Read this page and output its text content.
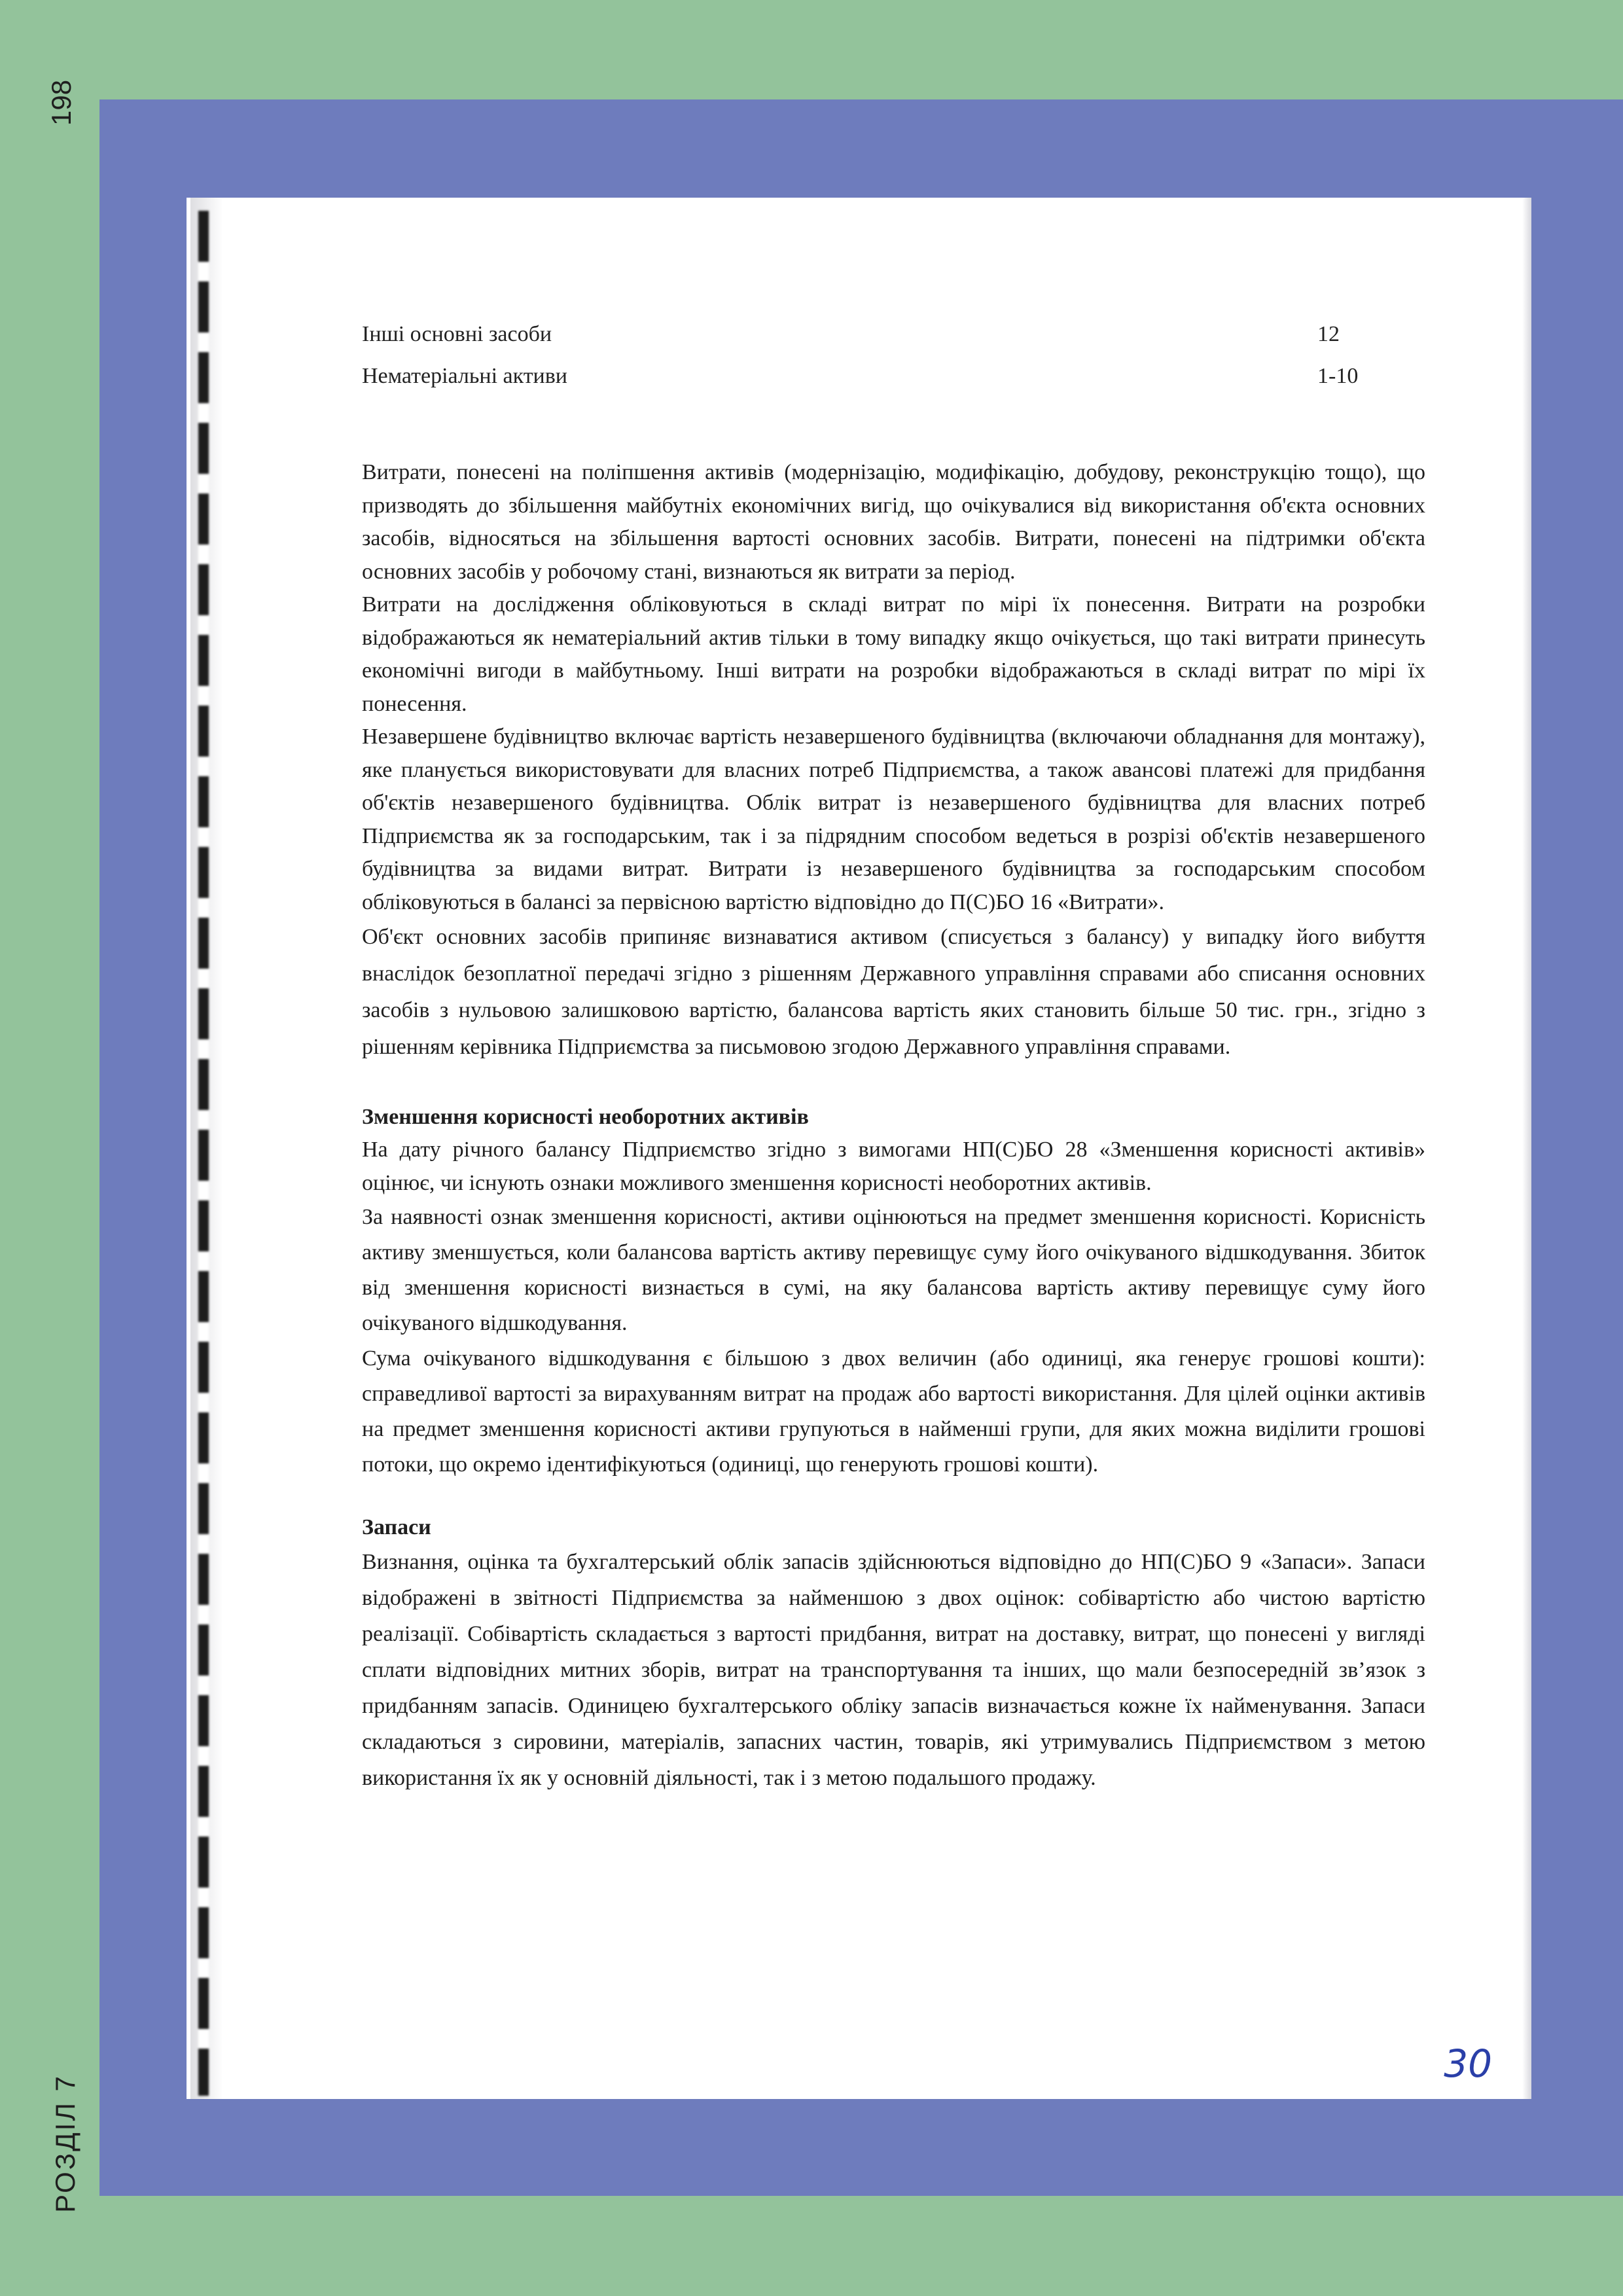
198
РОЗДІЛ 7
Інші основні засоби	12
Нематеріальні активи	1-10

Витрати, понесені на поліпшення активів (модернізацію, модифікацію, добудову, реконструкцію тощо), що призводять до збільшення майбутніх економічних вигід, що очікувалися від використання об'єкта основних засобів, відносяться на збільшення вартості основних засобів. Витрати, понесені на підтримки об'єкта основних засобів у робочому стані, визнаються як витрати за період.

Витрати на дослідження обліковуються в складі витрат по мірі їх понесення. Витрати на розробки відображаються як нематеріальний актив тільки в тому випадку якщо очікується, що такі витрати принесуть економічні вигоди в майбутньому. Інші витрати на розробки відображаються в складі витрат по мірі їх понесення.

Незавершене будівництво включає вартість незавершеного будівництва (включаючи обладнання для монтажу), яке планується використовувати для власних потреб Підприємства, а також авансові платежі для придбання об'єктів незавершеного будівництва. Облік витрат із незавершеного будівництва для власних потреб Підприємства як за господарським, так і за підрядним способом ведеться в розрізі об'єктів незавершеного будівництва за видами витрат. Витрати із незавершеного будівництва за господарським способом обліковуються в балансі за первісною вартістю відповідно до П(С)БО 16 «Витрати».

Об'єкт основних засобів припиняє визнаватися активом (списується з балансу) у випадку його вибуття внаслідок безоплатної передачі згідно з рішенням Державного управління справами або списання основних засобів з нульовою залишковою вартістю, балансова вартість яких становить більше 50 тис. грн., згідно з рішенням керівника Підприємства за письмовою згодою Державного управління справами.

Зменшення корисності необоротних активів

На дату річного балансу Підприємство згідно з вимогами НП(С)БО 28 «Зменшення корисності активів» оцінює, чи існують ознаки можливого зменшення корисності необоротних активів.

За наявності ознак зменшення корисності, активи оцінюються на предмет зменшення корисності. Корисність активу зменшується, коли балансова вартість активу перевищує суму його очікуваного відшкодування. Збиток від зменшення корисності визнається в сумі, на яку балансова вартість активу перевищує суму його очікуваного відшкодування.

Сума очікуваного відшкодування є більшою з двох величин (або одиниці, яка генерує грошові кошти): справедливої вартості за вирахуванням витрат на продаж або вартості використання. Для цілей оцінки активів на предмет зменшення корисності активи групуються в найменші групи, для яких можна виділити грошові потоки, що окремо ідентифікуються (одиниці, що генерують грошові кошти).

Запаси

Визнання, оцінка та бухгалтерський облік запасів здійснюються відповідно до НП(С)БО 9 «Запаси». Запаси відображені в звітності Підприємства за найменшою з двох оцінок: собівартістю або чистою вартістю реалізації. Собівартість складається з вартості придбання, витрат на доставку, витрат, що понесені у вигляді сплати відповідних митних зборів, витрат на транспортування та інших, що мали безпосередній зв’язок з придбанням запасів. Одиницею бухгалтерського обліку запасів визначається кожне їх найменування. Запаси складаються з сировини, матеріалів, запасних частин, товарів, які утримувались Підприємством з метою використання їх як у основній діяльності, так і з метою подальшого продажу.

30
